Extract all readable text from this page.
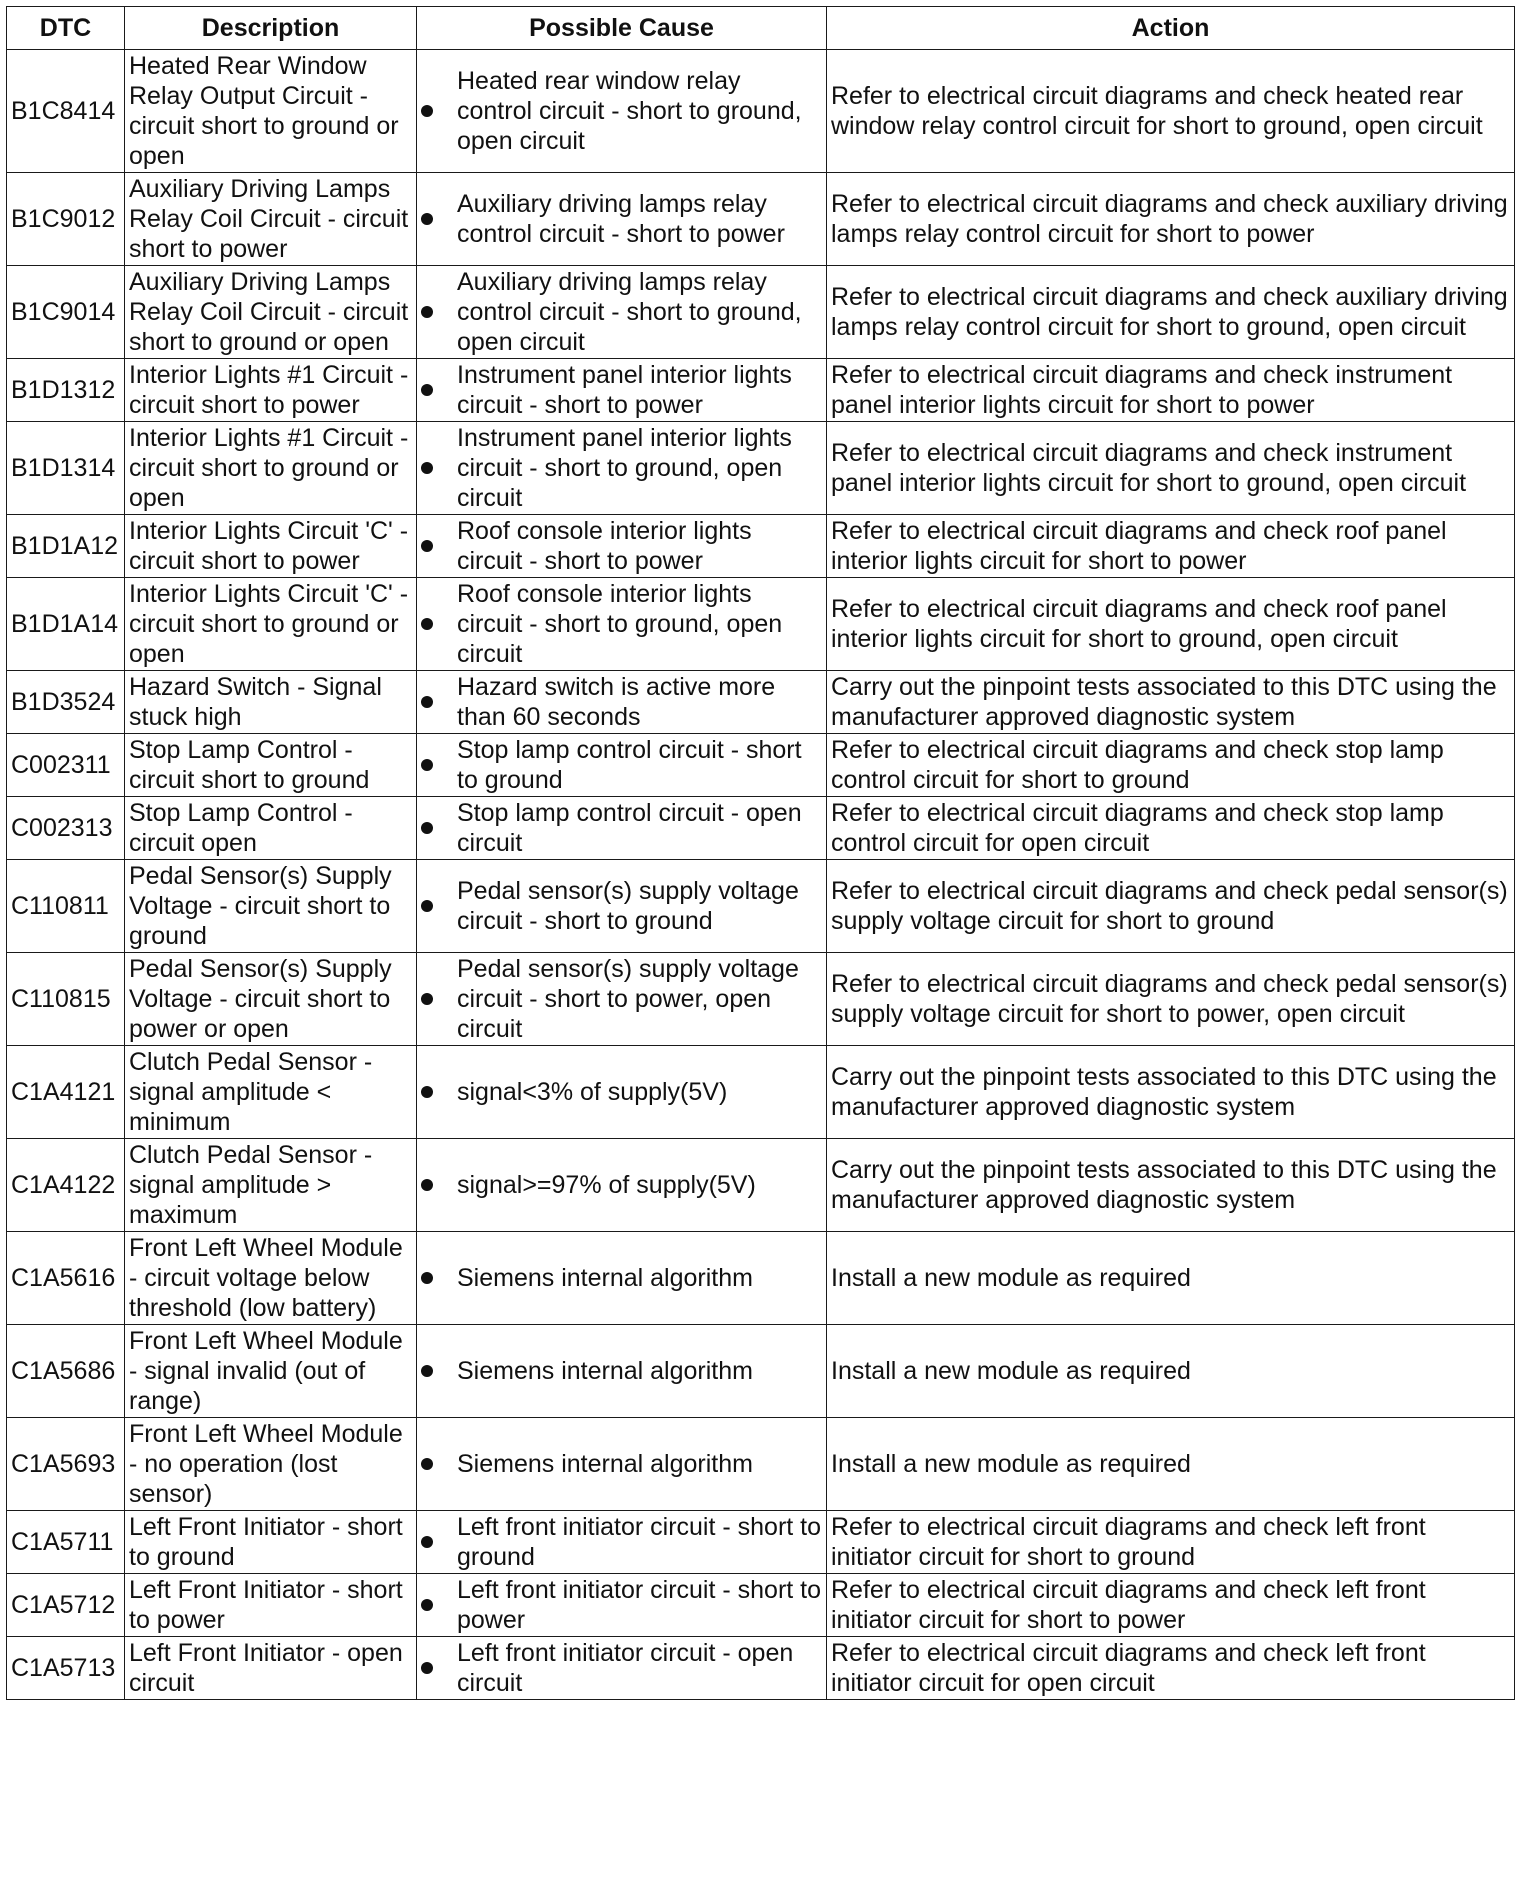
DTC	Description	Possible Cause	Action
B1C8414	Heated Rear Window Relay Output Circuit - circuit short to ground or open	Heated rear window relay control circuit - short to ground, open circuit	Refer to electrical circuit diagrams and check heated rear window relay control circuit for short to ground, open circuit
B1C9012	Auxiliary Driving Lamps Relay Coil Circuit - circuit short to power	Auxiliary driving lamps relay control circuit - short to power	Refer to electrical circuit diagrams and check auxiliary driving lamps relay control circuit for short to power
B1C9014	Auxiliary Driving Lamps Relay Coil Circuit - circuit short to ground or open	Auxiliary driving lamps relay control circuit - short to ground, open circuit	Refer to electrical circuit diagrams and check auxiliary driving lamps relay control circuit for short to ground, open circuit
B1D1312	Interior Lights #1 Circuit - circuit short to power	Instrument panel interior lights circuit - short to power	Refer to electrical circuit diagrams and check instrument panel interior lights circuit for short to power
B1D1314	Interior Lights #1 Circuit - circuit short to ground or open	Instrument panel interior lights circuit - short to ground, open circuit	Refer to electrical circuit diagrams and check instrument panel interior lights circuit for short to ground, open circuit
B1D1A12	Interior Lights Circuit 'C' - circuit short to power	Roof console interior lights circuit - short to power	Refer to electrical circuit diagrams and check roof panel interior lights circuit for short to power
B1D1A14	Interior Lights Circuit 'C' - circuit short to ground or open	Roof console interior lights circuit - short to ground, open circuit	Refer to electrical circuit diagrams and check roof panel interior lights circuit for short to ground, open circuit
B1D3524	Hazard Switch - Signal stuck high	Hazard switch is active more than 60 seconds	Carry out the pinpoint tests associated to this DTC using the manufacturer approved diagnostic system
C002311	Stop Lamp Control - circuit short to ground	Stop lamp control circuit - short to ground	Refer to electrical circuit diagrams and check stop lamp control circuit for short to ground
C002313	Stop Lamp Control - circuit open	Stop lamp control circuit - open circuit	Refer to electrical circuit diagrams and check stop lamp control circuit for open circuit
C110811	Pedal Sensor(s) Supply Voltage - circuit short to ground	Pedal sensor(s) supply voltage circuit - short to ground	Refer to electrical circuit diagrams and check pedal sensor(s) supply voltage circuit for short to ground
C110815	Pedal Sensor(s) Supply Voltage - circuit short to power or open	Pedal sensor(s) supply voltage circuit - short to power, open circuit	Refer to electrical circuit diagrams and check pedal sensor(s) supply voltage circuit for short to power, open circuit
C1A4121	Clutch Pedal Sensor - signal amplitude < minimum	signal<3% of supply(5V)	Carry out the pinpoint tests associated to this DTC using the manufacturer approved diagnostic system
C1A4122	Clutch Pedal Sensor - signal amplitude > maximum	signal>=97% of supply(5V)	Carry out the pinpoint tests associated to this DTC using the manufacturer approved diagnostic system
C1A5616	Front Left Wheel Module - circuit voltage below threshold (low battery)	Siemens internal algorithm	Install a new module as required
C1A5686	Front Left Wheel Module - signal invalid (out of range)	Siemens internal algorithm	Install a new module as required
C1A5693	Front Left Wheel Module - no operation (lost sensor)	Siemens internal algorithm	Install a new module as required
C1A5711	Left Front Initiator - short to ground	Left front initiator circuit - short to ground	Refer to electrical circuit diagrams and check left front initiator circuit for short to ground
C1A5712	Left Front Initiator - short to power	Left front initiator circuit - short to power	Refer to electrical circuit diagrams and check left front initiator circuit for short to power
C1A5713	Left Front Initiator - open circuit	Left front initiator circuit - open circuit	Refer to electrical circuit diagrams and check left front initiator circuit for open circuit
